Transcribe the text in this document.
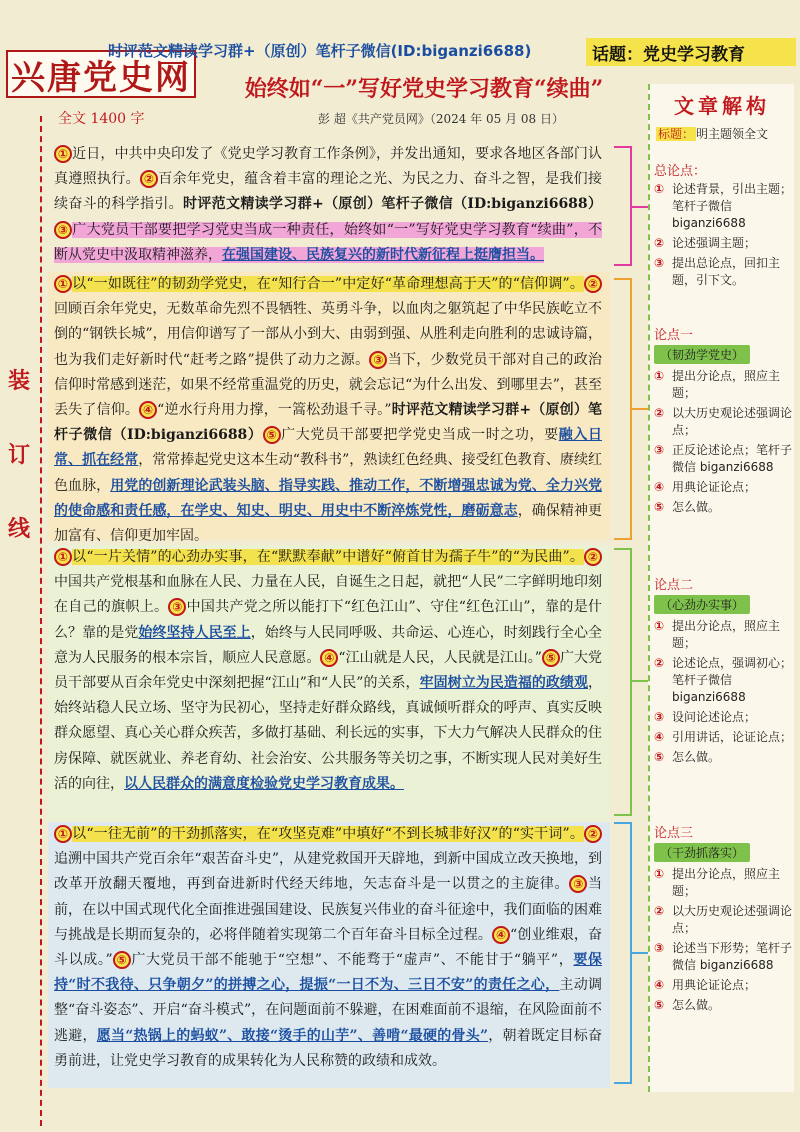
兴唐党史网
时评范文精读学习群+（原创）笔杆子微信(ID:biganzi6688)	话题：党史学习教育
始终如“一”写好党史学习教育“续曲”
全文 1400 字	彭 超《共产党员网》（2024 年 05 月 08 日）
装
订
线
① 近日，中共中央印发了《党史学习教育工作条例》，并发出通知，要求各地区各部门认真遵照执行。 ② 百余年党史，蕴含着丰富的理论之光、为民之力、奋斗之智，是我们接续奋斗的科学指引。时评范文精读学习群+（原创）笔杆子微信（ID:biganzi6688）③ 广大党员干部要把学习党史当成一种责任，始终如“一”写好党史学习教育“续曲”，不断从党史中汲取精神滋养，在强国建设、民族复兴的新时代新征程上挺膺担当。
① 以“一如既往”的韧劲学党史，在“知行合一”中定好“革命理想高于天”的“信仰调”。 ②回顾百余年党史，无数革命先烈不畏牺牲、英勇斗争，以血肉之躯筑起了中华民族屹立不倒的“钢铁长城”，用信仰谱写了一部从小到大、由弱到强、从胜利走向胜利的忠诚诗篇，也为我们走好新时代“赶考之路”提供了动力之源。 ③ 当下，少数党员干部对自己的政治信仰时常感到迷茫，如果不经常重温党的历史，就会忘记“为什么出发、到哪里去”，甚至丢失了信仰。 ④ “逆水行舟用力撑，一篙松劲退千寻。”时评范文精读学习群+（原创）笔杆子微信（ID:biganzi6688） ⑤ 广大党员干部要把学党史当成一时之功，要融入日常、抓在经常，常常捧起党史这本生动“教科书”，熟读红色经典、接受红色教育、赓续红色血脉，用党的创新理论武装头脑、指导实践、推动工作，不断增强忠诚为党、全力兴党的使命感和责任感，在学史、知史、明史、用史中不断淬炼党性，磨砺意志，确保精神更加富有、信仰更加牢固。
① 以“一片关情”的心劲办实事，在“默默奉献”中谱好“俯首甘为孺子牛”的“为民曲”。 ②中国共产党根基和血脉在人民、力量在人民，自诞生之日起，就把“人民”二字鲜明地印刻在自己的旗帜上。 ③ 中国共产党之所以能打下“红色江山”、守住“红色江山”，靠的是什么？靠的是党始终坚持人民至上，始终与人民同呼吸、共命运、心连心，时刻践行全心全意为人民服务的根本宗旨，顺应人民意愿。 ④ “江山就是人民，人民就是江山。” ⑤ 广大党员干部要从百余年党史中深刻把握“江山”和“人民”的关系，牢固树立为民造福的政绩观，始终站稳人民立场、坚守为民初心，坚持走好群众路线，真诚倾听群众的呼声、真实反映群众愿望、真心关心群众疾苦，多做打基础、利长远的实事，下大力气解决人民群众的住房保障、就医就业、养老育幼、社会治安、公共服务等关切之事，不断实现人民对美好生活的向往，以人民群众的满意度检验党史学习教育成果。
① 以“一往无前”的干劲抓落实，在“攻坚克难”中填好“不到长城非好汉”的“实干词”。 ②追溯中国共产党百余年“艰苦奋斗史”，从建党救国开天辟地，到新中国成立改天换地，到改革开放翻天覆地，再到奋进新时代经天纬地，矢志奋斗是一以贯之的主旋律。 ③ 当前，在以中国式现代化全面推进强国建设、民族复兴伟业的奋斗征途中，我们面临的困难与挑战是长期而复杂的，必将伴随着实现第二个百年奋斗目标全过程。 ④ “创业维艰，奋斗以成。” ⑤ 广大党员干部不能驰于“空想”、不能骛于“虚声”、不能甘于“躺平”，要保持“时不我待、只争朝夕”的拼搏之心，提振“一日不为、三日不安”的责任之心，主动调整“奋斗姿态”、开启“奋斗模式”，在问题面前不躲避，在困难面前不退缩，在风险面前不逃避，愿当“热锅上的蚂蚁”、敢接“烫手的山芋”、善啃“最硬的骨头”，朝着既定目标奋勇前进，让党史学习教育的成果转化为人民称赞的政绩和成效。
文章解构
标题： 明主题领全文
总论点：
① 论述背景，引出主题；笔杆子微信 biganzi6688
② 论述强调主题；
③ 提出总论点，回扣主题，引下文。
论点一
（韧劲学党史）
① 提出分论点，照应主题；
② 以大历史观论述强调论点；
③ 正反论述论点；笔杆子微信 biganzi6688
④ 用典论证论点；
⑤ 怎么做。
论点二
（心劲办实事）
① 提出分论点，照应主题；
② 论述论点，强调初心；笔杆子微信 biganzi6688
③ 设问论述论点；
④ 引用讲话，论证论点；
⑤ 怎么做。
论点三
（干劲抓落实）
① 提出分论点，照应主题；
② 以大历史观论述强调论点；
③ 论述当下形势；笔杆子微信 biganzi6688
④ 用典论证论点；
⑤ 怎么做。
